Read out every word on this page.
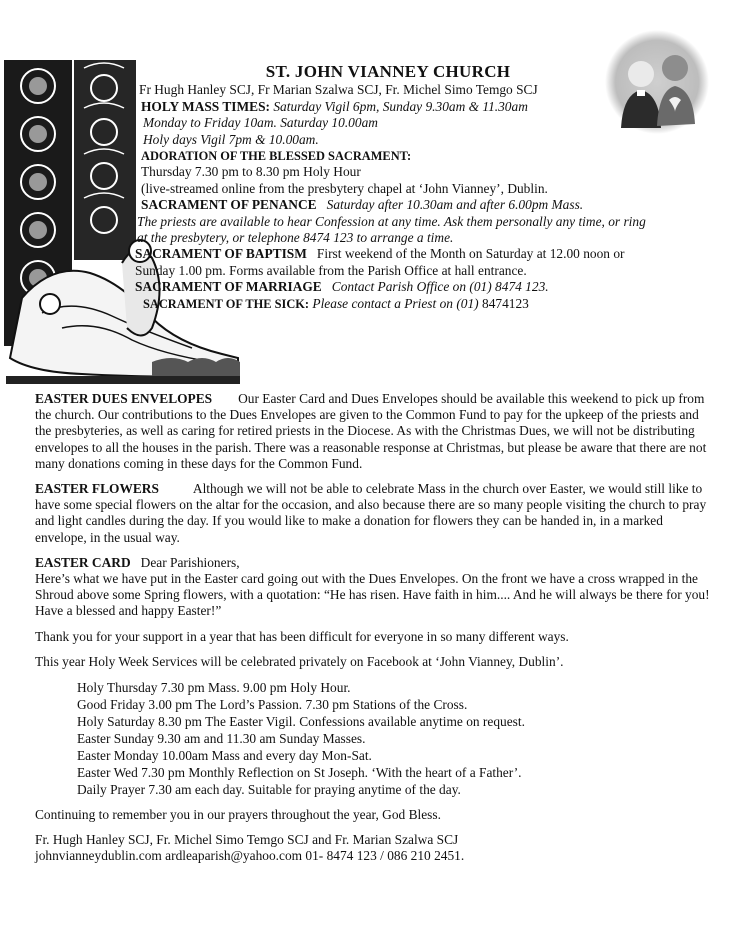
ST. JOHN VIANNEY CHURCH
Fr Hugh Hanley SCJ, Fr Marian Szalwa SCJ, Fr. Michel Simo Temgo SCJ
HOLY MASS TIMES: Saturday Vigil 6pm, Sunday 9.30am & 11.30am
Monday to Friday 10am. Saturday 10.00am
Holy days Vigil 7pm & 10.00am.
ADORATION OF THE BLESSED SACRAMENT:
Thursday 7.30 pm to 8.30 pm Holy Hour
(live-streamed online from the presbytery chapel at ‘John Vianney’, Dublin.
SACRAMENT OF PENANCE Saturday after 10.30am and after 6.00pm Mass.
The priests are available to hear Confession at any time. Ask them personally any time, or ring
at the presbytery, or telephone 8474 123 to arrange a time.
SACRAMENT OF BAPTISM First weekend of the Month on Saturday at 12.00 noon or
Sunday 1.00 pm. Forms available from the Parish Office at hall entrance.
SACRAMENT OF MARRIAGE Contact Parish Office on (01) 8474 123.
SACRAMENT OF THE SICK: Please contact a Priest on (01) 8474123

EASTER DUES ENVELOPES Our Easter Card and Dues Envelopes should be available this weekend to pick up from the church. Our contributions to the Dues Envelopes are given to the Common Fund to pay for the upkeep of the priests and the presbyteries, as well as caring for retired priests in the Diocese. As with the Christmas Dues, we will not be distributing envelopes to all the houses in the parish. There was a reasonable response at Christmas, but please be aware that there are not many donations coming in these days for the Common Fund.

EASTER FLOWERS	Although we will not be able to celebrate Mass in the church over Easter, we would still like to have some special flowers on the altar for the occasion, and also because there are so many people visiting the church to pray and light candles during the day. If you would like to make a donation for flowers they can be handed in, in a marked envelope, in the usual way.

EASTER CARD Dear Parishioners,
Here’s what we have put in the Easter card going out with the Dues Envelopes. On the front we have a cross wrapped in the Shroud above some Spring flowers, with a quotation: “He has risen. Have faith in him.... And he will always be there for you! Have a blessed and happy Easter!”

Thank you for your support in a year that has been difficult for everyone in so many different ways.

This year Holy Week Services will be celebrated privately on Facebook at ‘John Vianney, Dublin’.

Holy Thursday 7.30 pm Mass. 9.00 pm Holy Hour.
Good Friday 3.00 pm The Lord’s Passion. 7.30 pm Stations of the Cross.
Holy Saturday 8.30 pm The Easter Vigil. Confessions available anytime on request.
Easter Sunday 9.30 am and 11.30 am Sunday Masses.
Easter Monday 10.00am Mass and every day Mon-Sat.
Easter Wed 7.30 pm Monthly Reflection on St Joseph. ‘With the heart of a Father’.
Daily Prayer 7.30 am each day. Suitable for praying anytime of the day.

Continuing to remember you in our prayers throughout the year, God Bless.

Fr. Hugh Hanley SCJ, Fr. Michel Simo Temgo SCJ and Fr. Marian Szalwa SCJ
johnvianneydublin.com ardleaparish@yahoo.com 01- 8474 123 / 086 210 2451.
